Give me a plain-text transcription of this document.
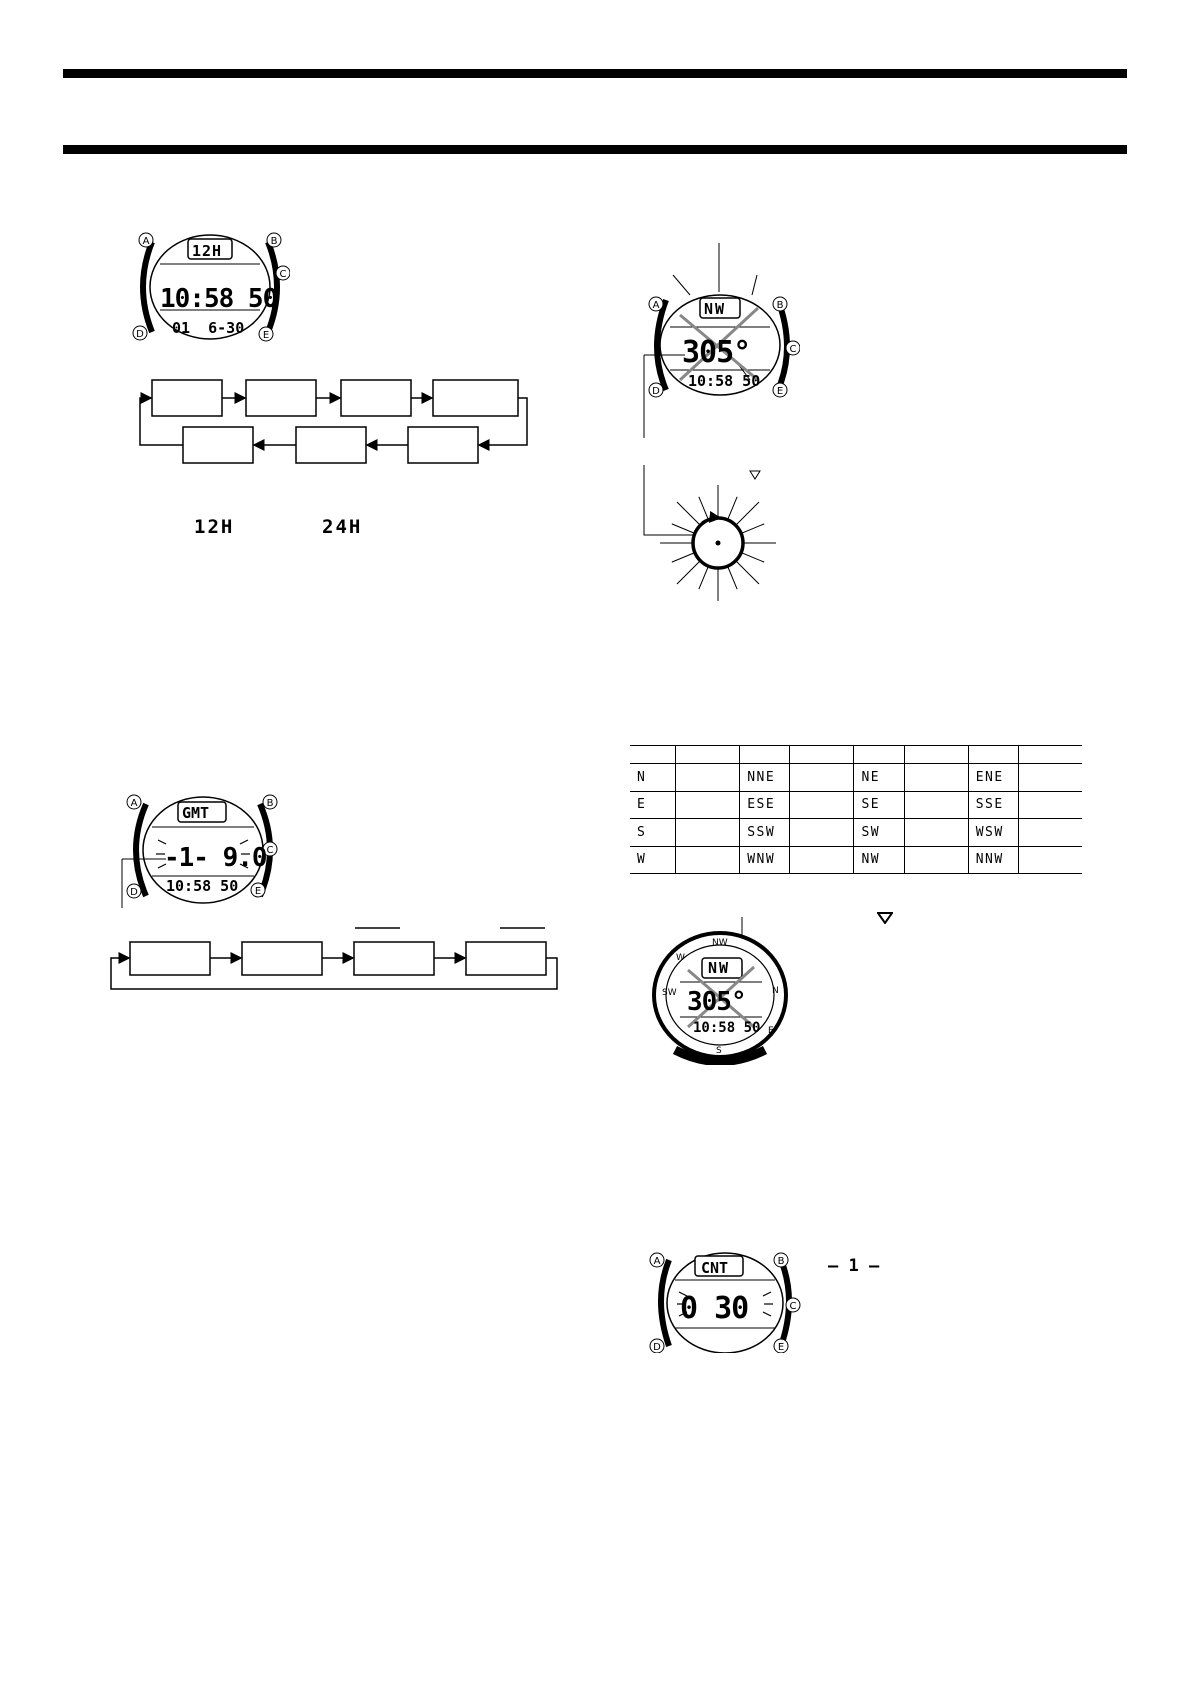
A	B
C
D	E
12H
10:58 50
01  6-30
12H	24H
A	B
C
D	E
GMT
-1- 9.0
10:58 50
A	B
C
D	E
NW
305°
10:58 50

N		NNE		NE		ENE	
E		ESE		SE		SSE	
S		SSW		SW		WSW	
W		WNW		NW		NNW	
NW
W
SW
S
E
N
NW
305°
10:58 50
A	B
C
D	E
CNT
0 30
– 1 –
